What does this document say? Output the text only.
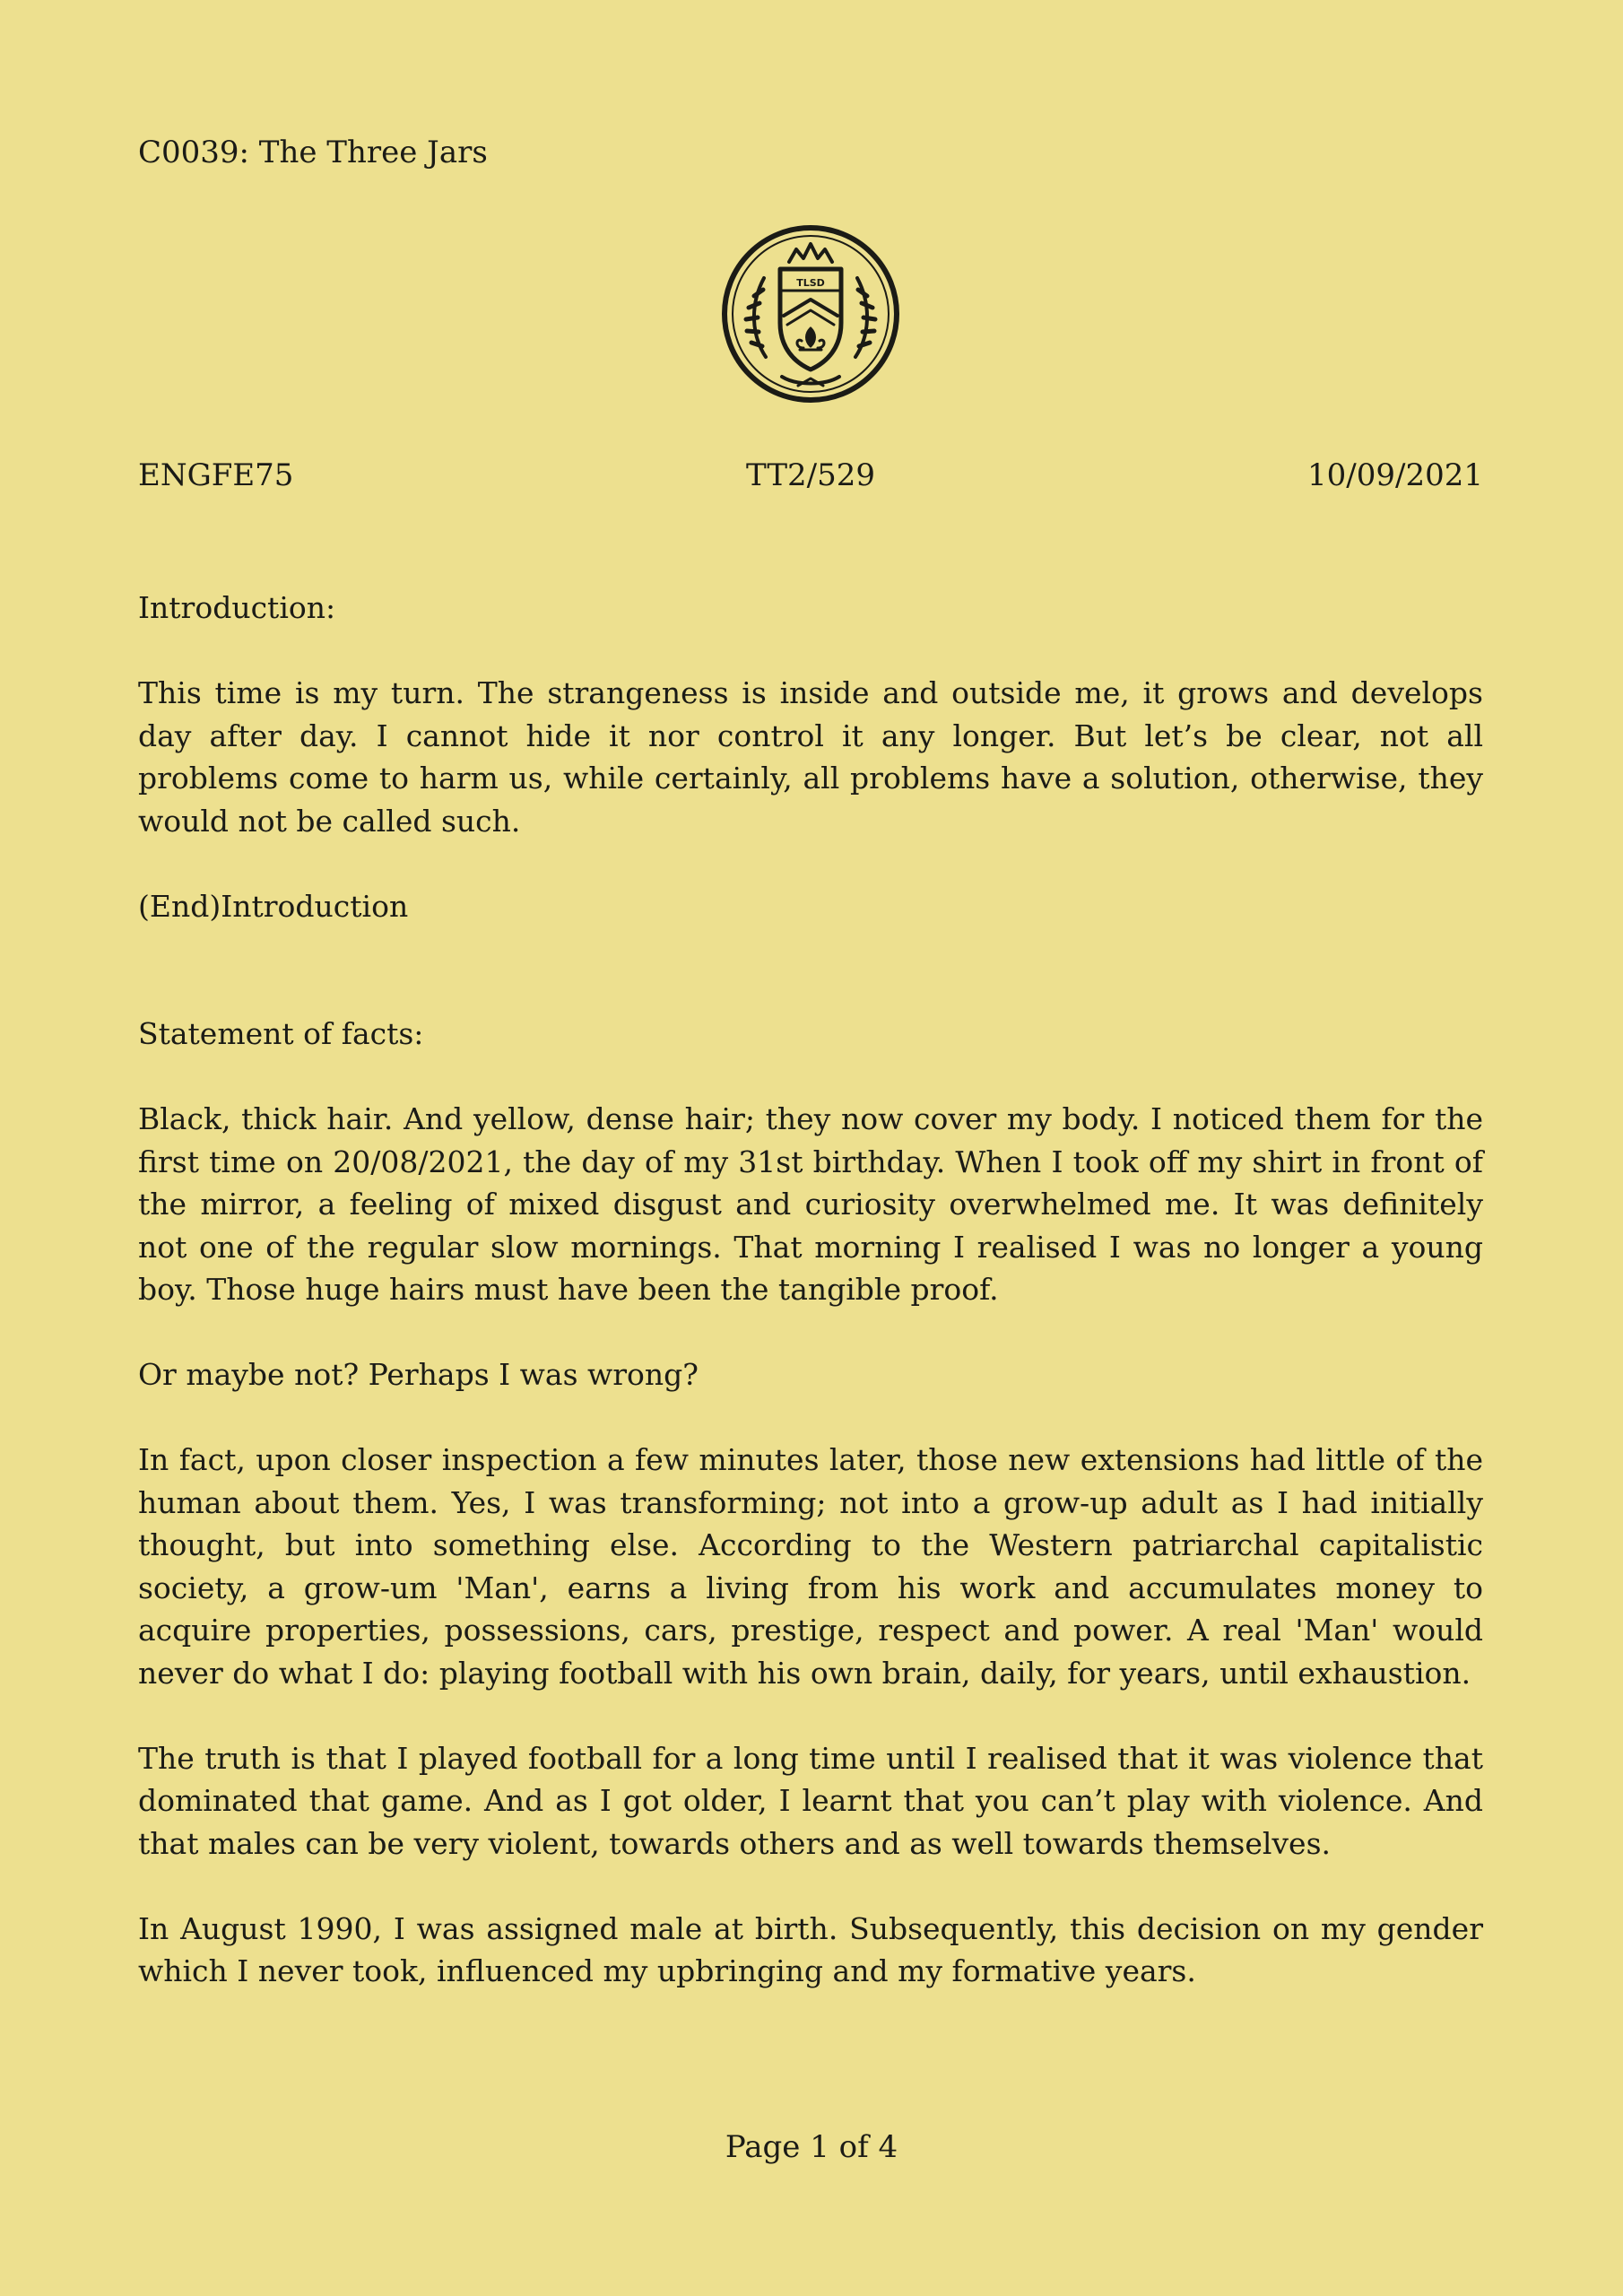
C0039: The Three Jars
TLSD
ENGFE75	TT2/529	10/09/2021

Introduction:

This time is my turn. The strangeness is inside and outside me, it grows and develops day after day. I cannot hide it nor control it any longer. But let’s be clear, not all problems come to harm us, while certainly, all problems have a solution, otherwise, they would not be called such.

(End)Introduction

Statement of facts:

Black, thick hair. And yellow, dense hair; they now cover my body. I noticed them for the first time on 20/08/2021, the day of my 31st birthday. When I took off my shirt in front of the mirror, a feeling of mixed disgust and curiosity overwhelmed me. It was definitely not one of the regular slow mornings. That morning I realised I was no longer a young boy. Those huge hairs must have been the tangible proof.

Or maybe not? Perhaps I was wrong?

In fact, upon closer inspection a few minutes later, those new extensions had little of the human about them. Yes, I was transforming; not into a grow-up adult as I had initially thought, but into something else. According to the Western patriarchal capitalistic society, a grow-um 'Man', earns a living from his work and accumulates money to acquire properties, possessions, cars, prestige, respect and power. A real 'Man' would never do what I do: playing football with his own brain, daily, for years, until exhaustion.

The truth is that I played football for a long time until I realised that it was violence that dominated that game. And as I got older, I learnt that you can’t play with violence. And that males can be very violent, towards others and as well towards themselves.

In August 1990, I was assigned male at birth. Subsequently, this decision on my gender which I never took, influenced my upbringing and my formative years.

Page 1 of 4
